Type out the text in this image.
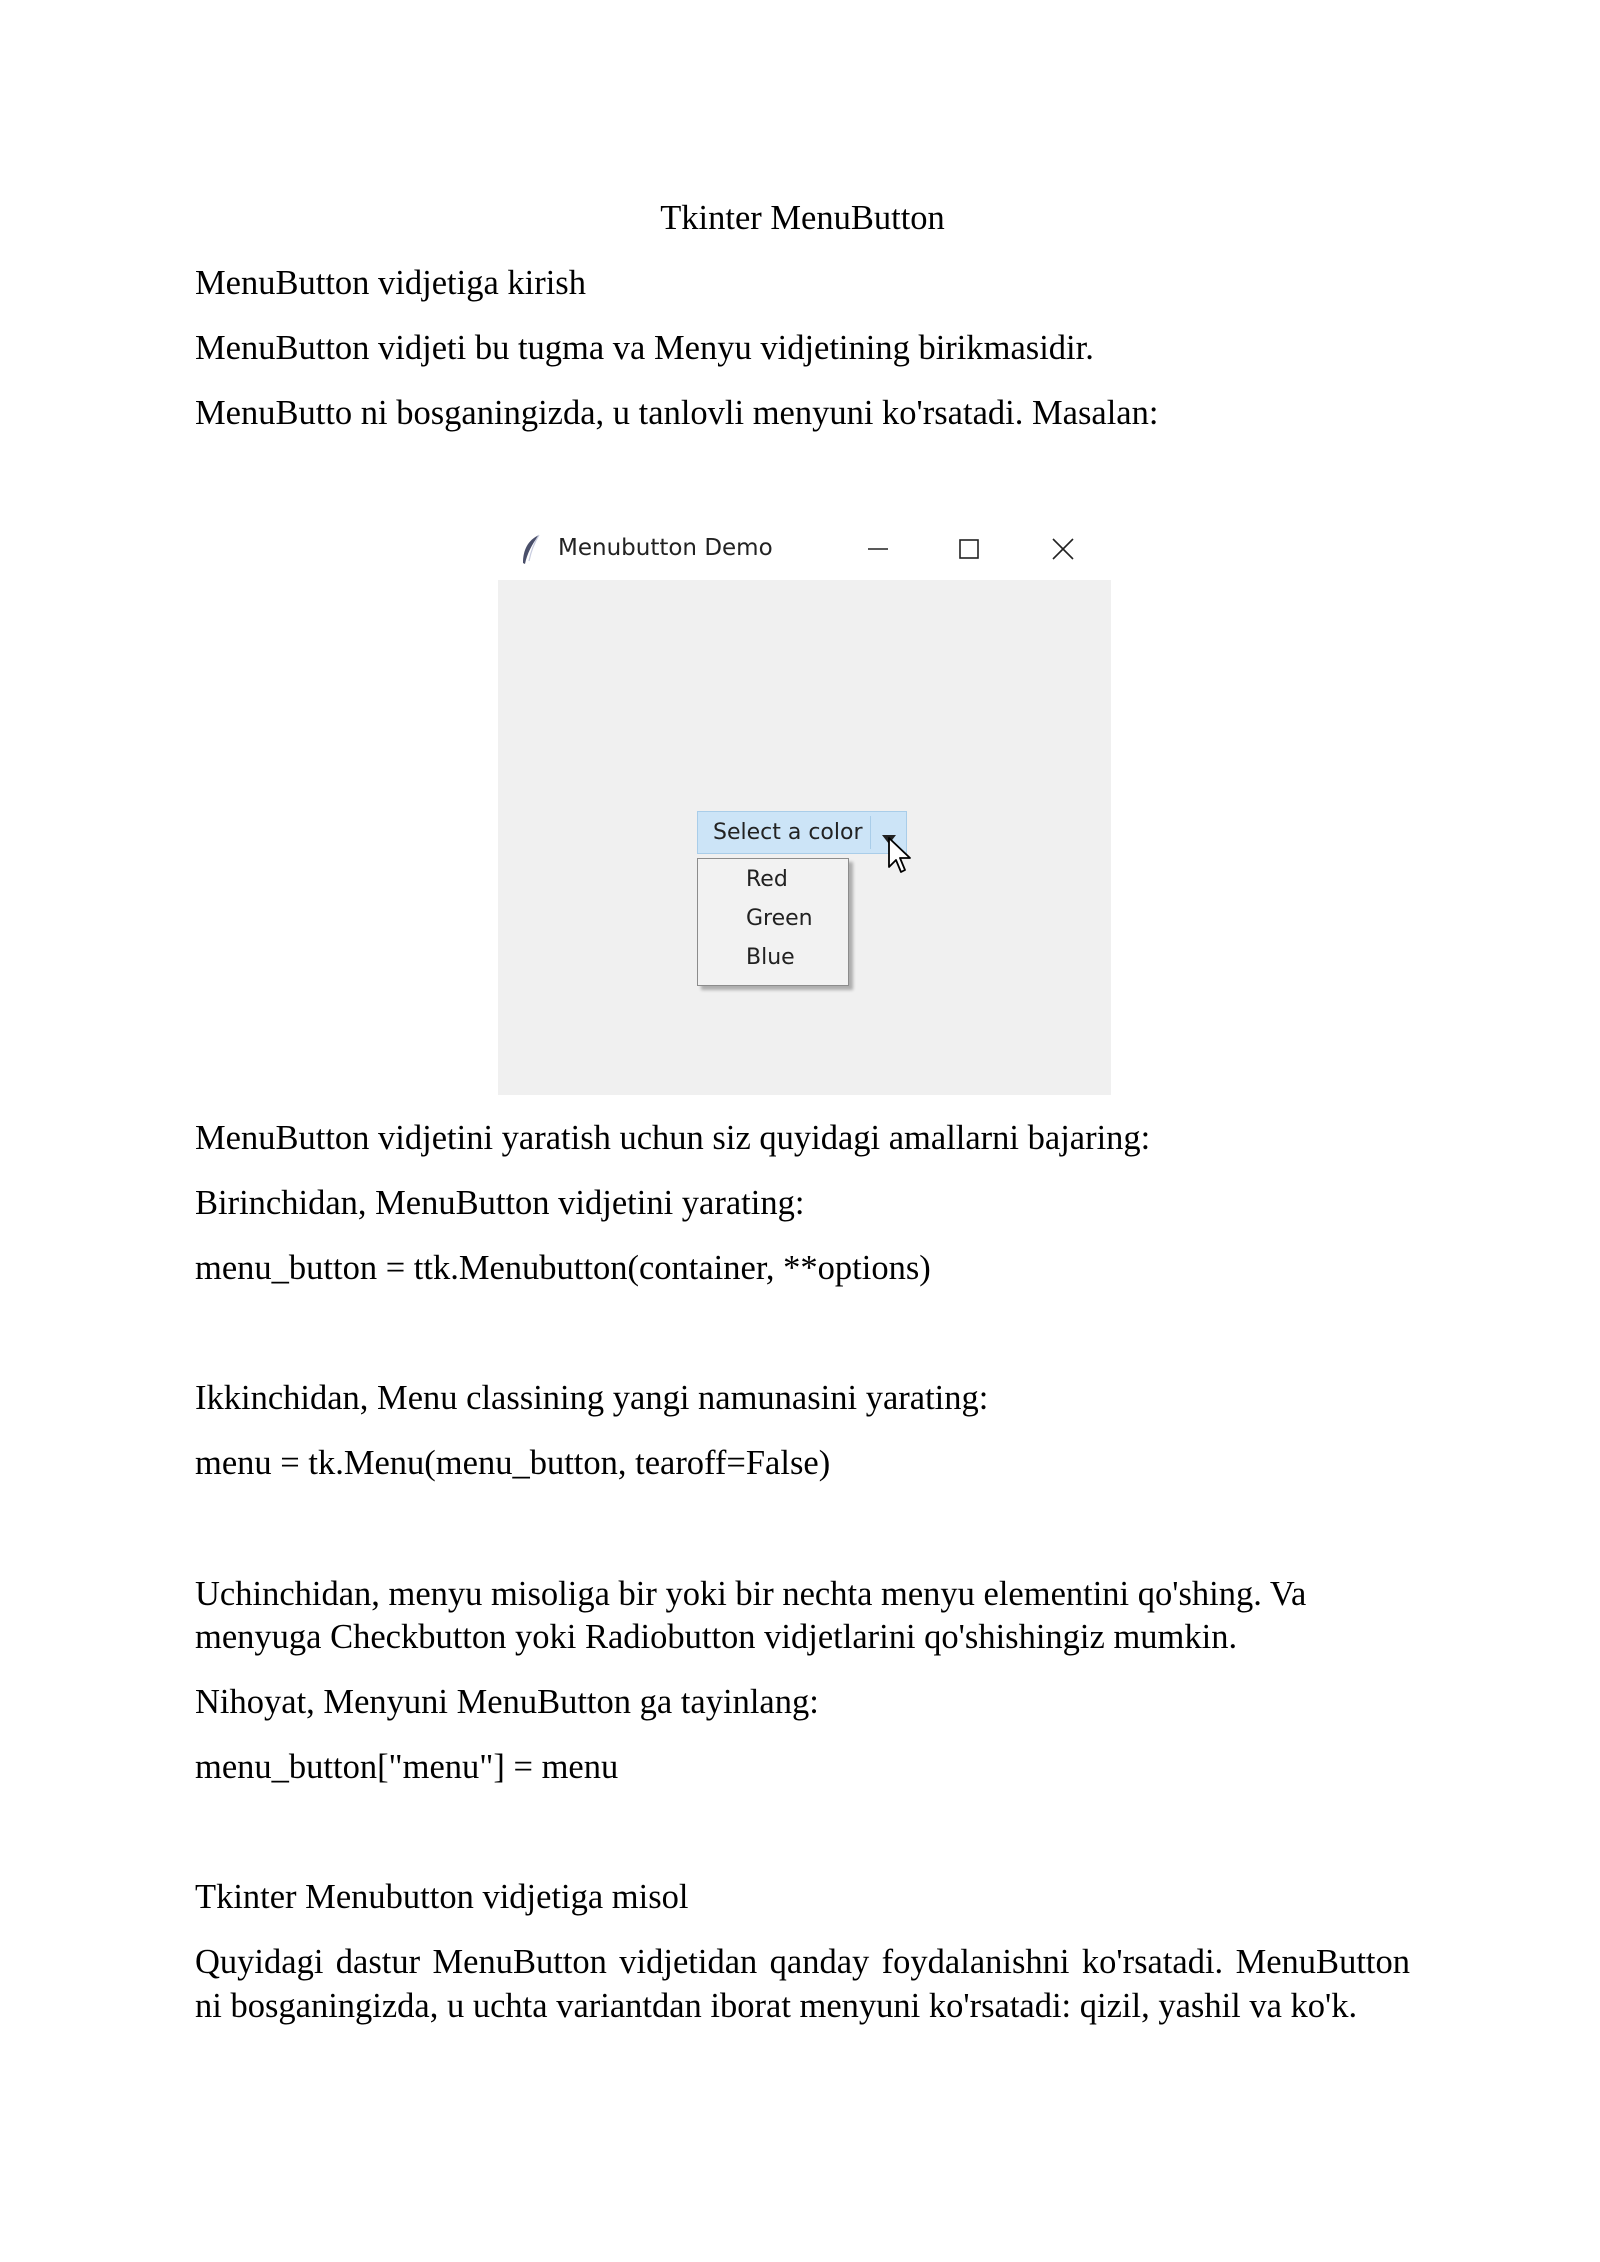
Tkinter MenuButton
MenuButton vidjetiga kirish
MenuButton vidjeti bu tugma va Menyu vidjetining birikmasidir.
MenuButto ni bosganingizda, u tanlovli menyuni ko'rsatadi. Masalan:
Menubutton Demo
Select a color
Red
Green
Blue
MenuButton vidjetini yaratish uchun siz quyidagi amallarni bajaring:
Birinchidan, MenuButton vidjetini yarating:
menu_button = ttk.Menubutton(container, **options)
Ikkinchidan, Menu classining yangi namunasini yarating:
menu = tk.Menu(menu_button, tearoff=False)
Uchinchidan, menyu misoliga bir yoki bir nechta menyu elementini qo'shing. Va
menyuga Checkbutton yoki Radiobutton vidjetlarini qo'shishingiz mumkin.
Nihoyat, Menyuni MenuButton ga tayinlang:
menu_button["menu"] = menu
Tkinter Menubutton vidjetiga misol
Quyidagi dastur MenuButton vidjetidan qanday foydalanishni ko'rsatadi. MenuButton ni bosganingizda, u uchta variantdan iborat menyuni ko'rsatadi: qizil, yashil va ko'k.
